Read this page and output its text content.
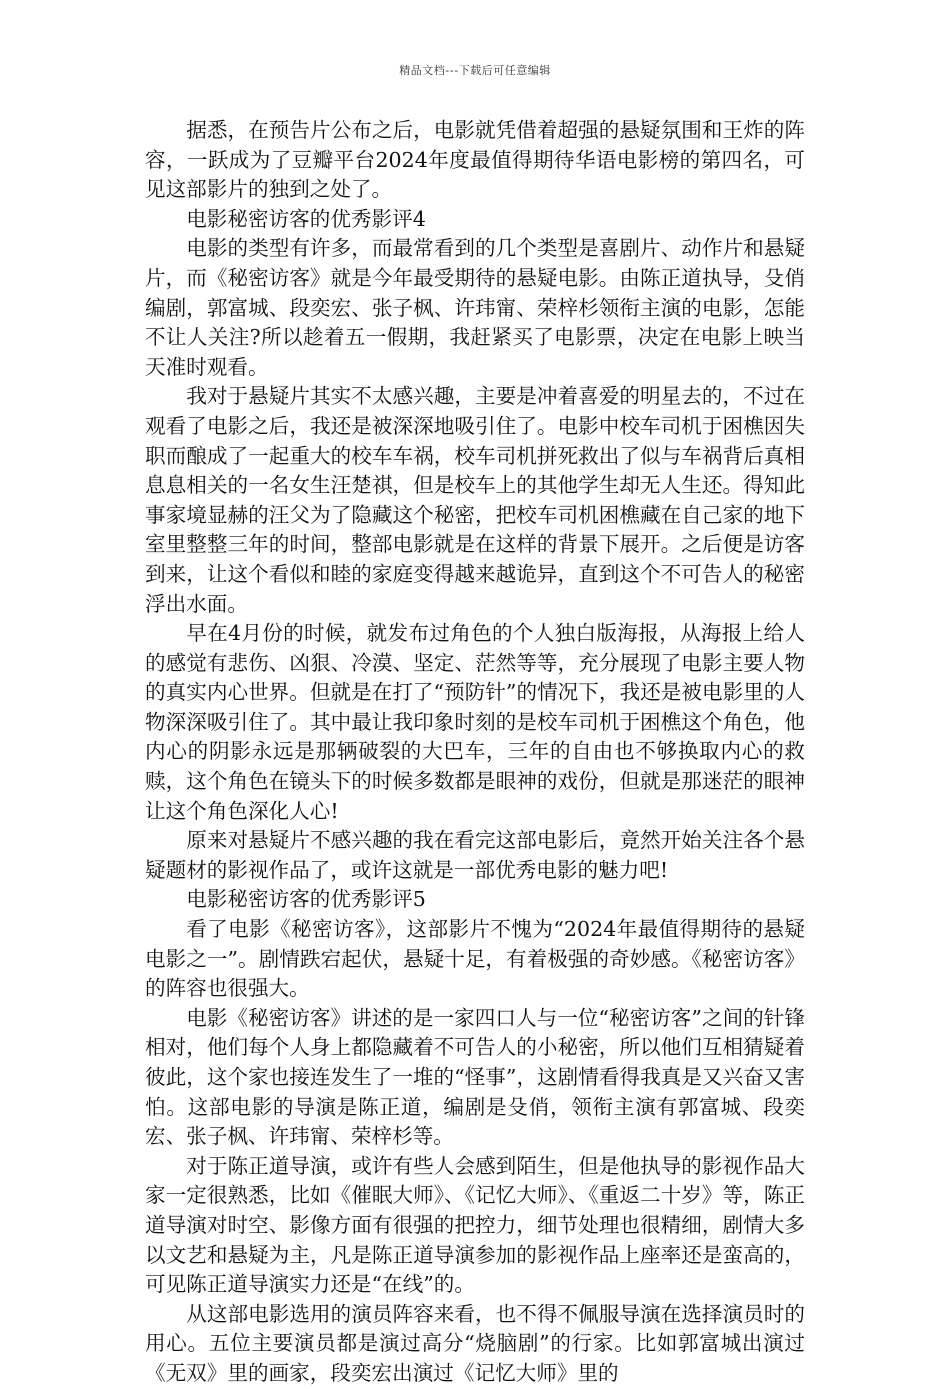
精品文档---下载后可任意编辑

据悉，在预告片公布之后，电影就凭借着超强的悬疑氛围和王炸的阵容，一跃成为了豆瓣平台2024年度最值得期待华语电影榜的第四名，可见这部影片的独到之处了。

电影秘密访客的优秀影评4

电影的类型有许多，而最常看到的几个类型是喜剧片、动作片和悬疑片，而《秘密访客》就是今年最受期待的悬疑电影。由陈正道执导，殳俏编剧，郭富城、段奕宏、张子枫、许玮甯、荣梓杉领衔主演的电影，怎能不让人关注?所以趁着五一假期，我赶紧买了电影票，决定在电影上映当天准时观看。

我对于悬疑片其实不太感兴趣，主要是冲着喜爱的明星去的，不过在观看了电影之后，我还是被深深地吸引住了。电影中校车司机于困樵因失职而酿成了一起重大的校车车祸，校车司机拼死救出了似与车祸背后真相息息相关的一名女生汪楚祺，但是校车上的其他学生却无人生还。得知此事家境显赫的汪父为了隐藏这个秘密，把校车司机困樵藏在自己家的地下室里整整三年的时间，整部电影就是在这样的背景下展开。之后便是访客到来，让这个看似和睦的家庭变得越来越诡异，直到这个不可告人的秘密浮出水面。

早在4月份的时候，就发布过角色的个人独白版海报，从海报上给人的感觉有悲伤、凶狠、冷漠、坚定、茫然等等，充分展现了电影主要人物的真实内心世界。但就是在打了“预防针”的情况下，我还是被电影里的人物深深吸引住了。其中最让我印象时刻的是校车司机于困樵这个角色，他内心的阴影永远是那辆破裂的大巴车，三年的自由也不够换取内心的救赎，这个角色在镜头下的时候多数都是眼神的戏份，但就是那迷茫的眼神让这个角色深化人心!

原来对悬疑片不感兴趣的我在看完这部电影后，竟然开始关注各个悬疑题材的影视作品了，或许这就是一部优秀电影的魅力吧!

电影秘密访客的优秀影评5

看了电影《秘密访客》，这部影片不愧为“2024年最值得期待的悬疑电影之一”。剧情跌宕起伏，悬疑十足，有着极强的奇妙感。《秘密访客》的阵容也很强大。

电影《秘密访客》讲述的是一家四口人与一位“秘密访客”之间的针锋相对，他们每个人身上都隐藏着不可告人的小秘密，所以他们互相猜疑着彼此，这个家也接连发生了一堆的“怪事”，这剧情看得我真是又兴奋又害怕。这部电影的导演是陈正道，编剧是殳俏，领衔主演有郭富城、段奕宏、张子枫、许玮甯、荣梓杉等。

对于陈正道导演，或许有些人会感到陌生，但是他执导的影视作品大家一定很熟悉，比如《催眠大师》、《记忆大师》、《重返二十岁》等，陈正道导演对时空、影像方面有很强的把控力，细节处理也很精细，剧情大多以文艺和悬疑为主，凡是陈正道导演参加的影视作品上座率还是蛮高的，可见陈正道导演实力还是“在线”的。

从这部电影选用的演员阵容来看，也不得不佩服导演在选择演员时的用心。五位主要演员都是演过高分“烧脑剧”的行家。比如郭富城出演过《无双》里的画家，段奕宏出演过《记忆大师》里的
